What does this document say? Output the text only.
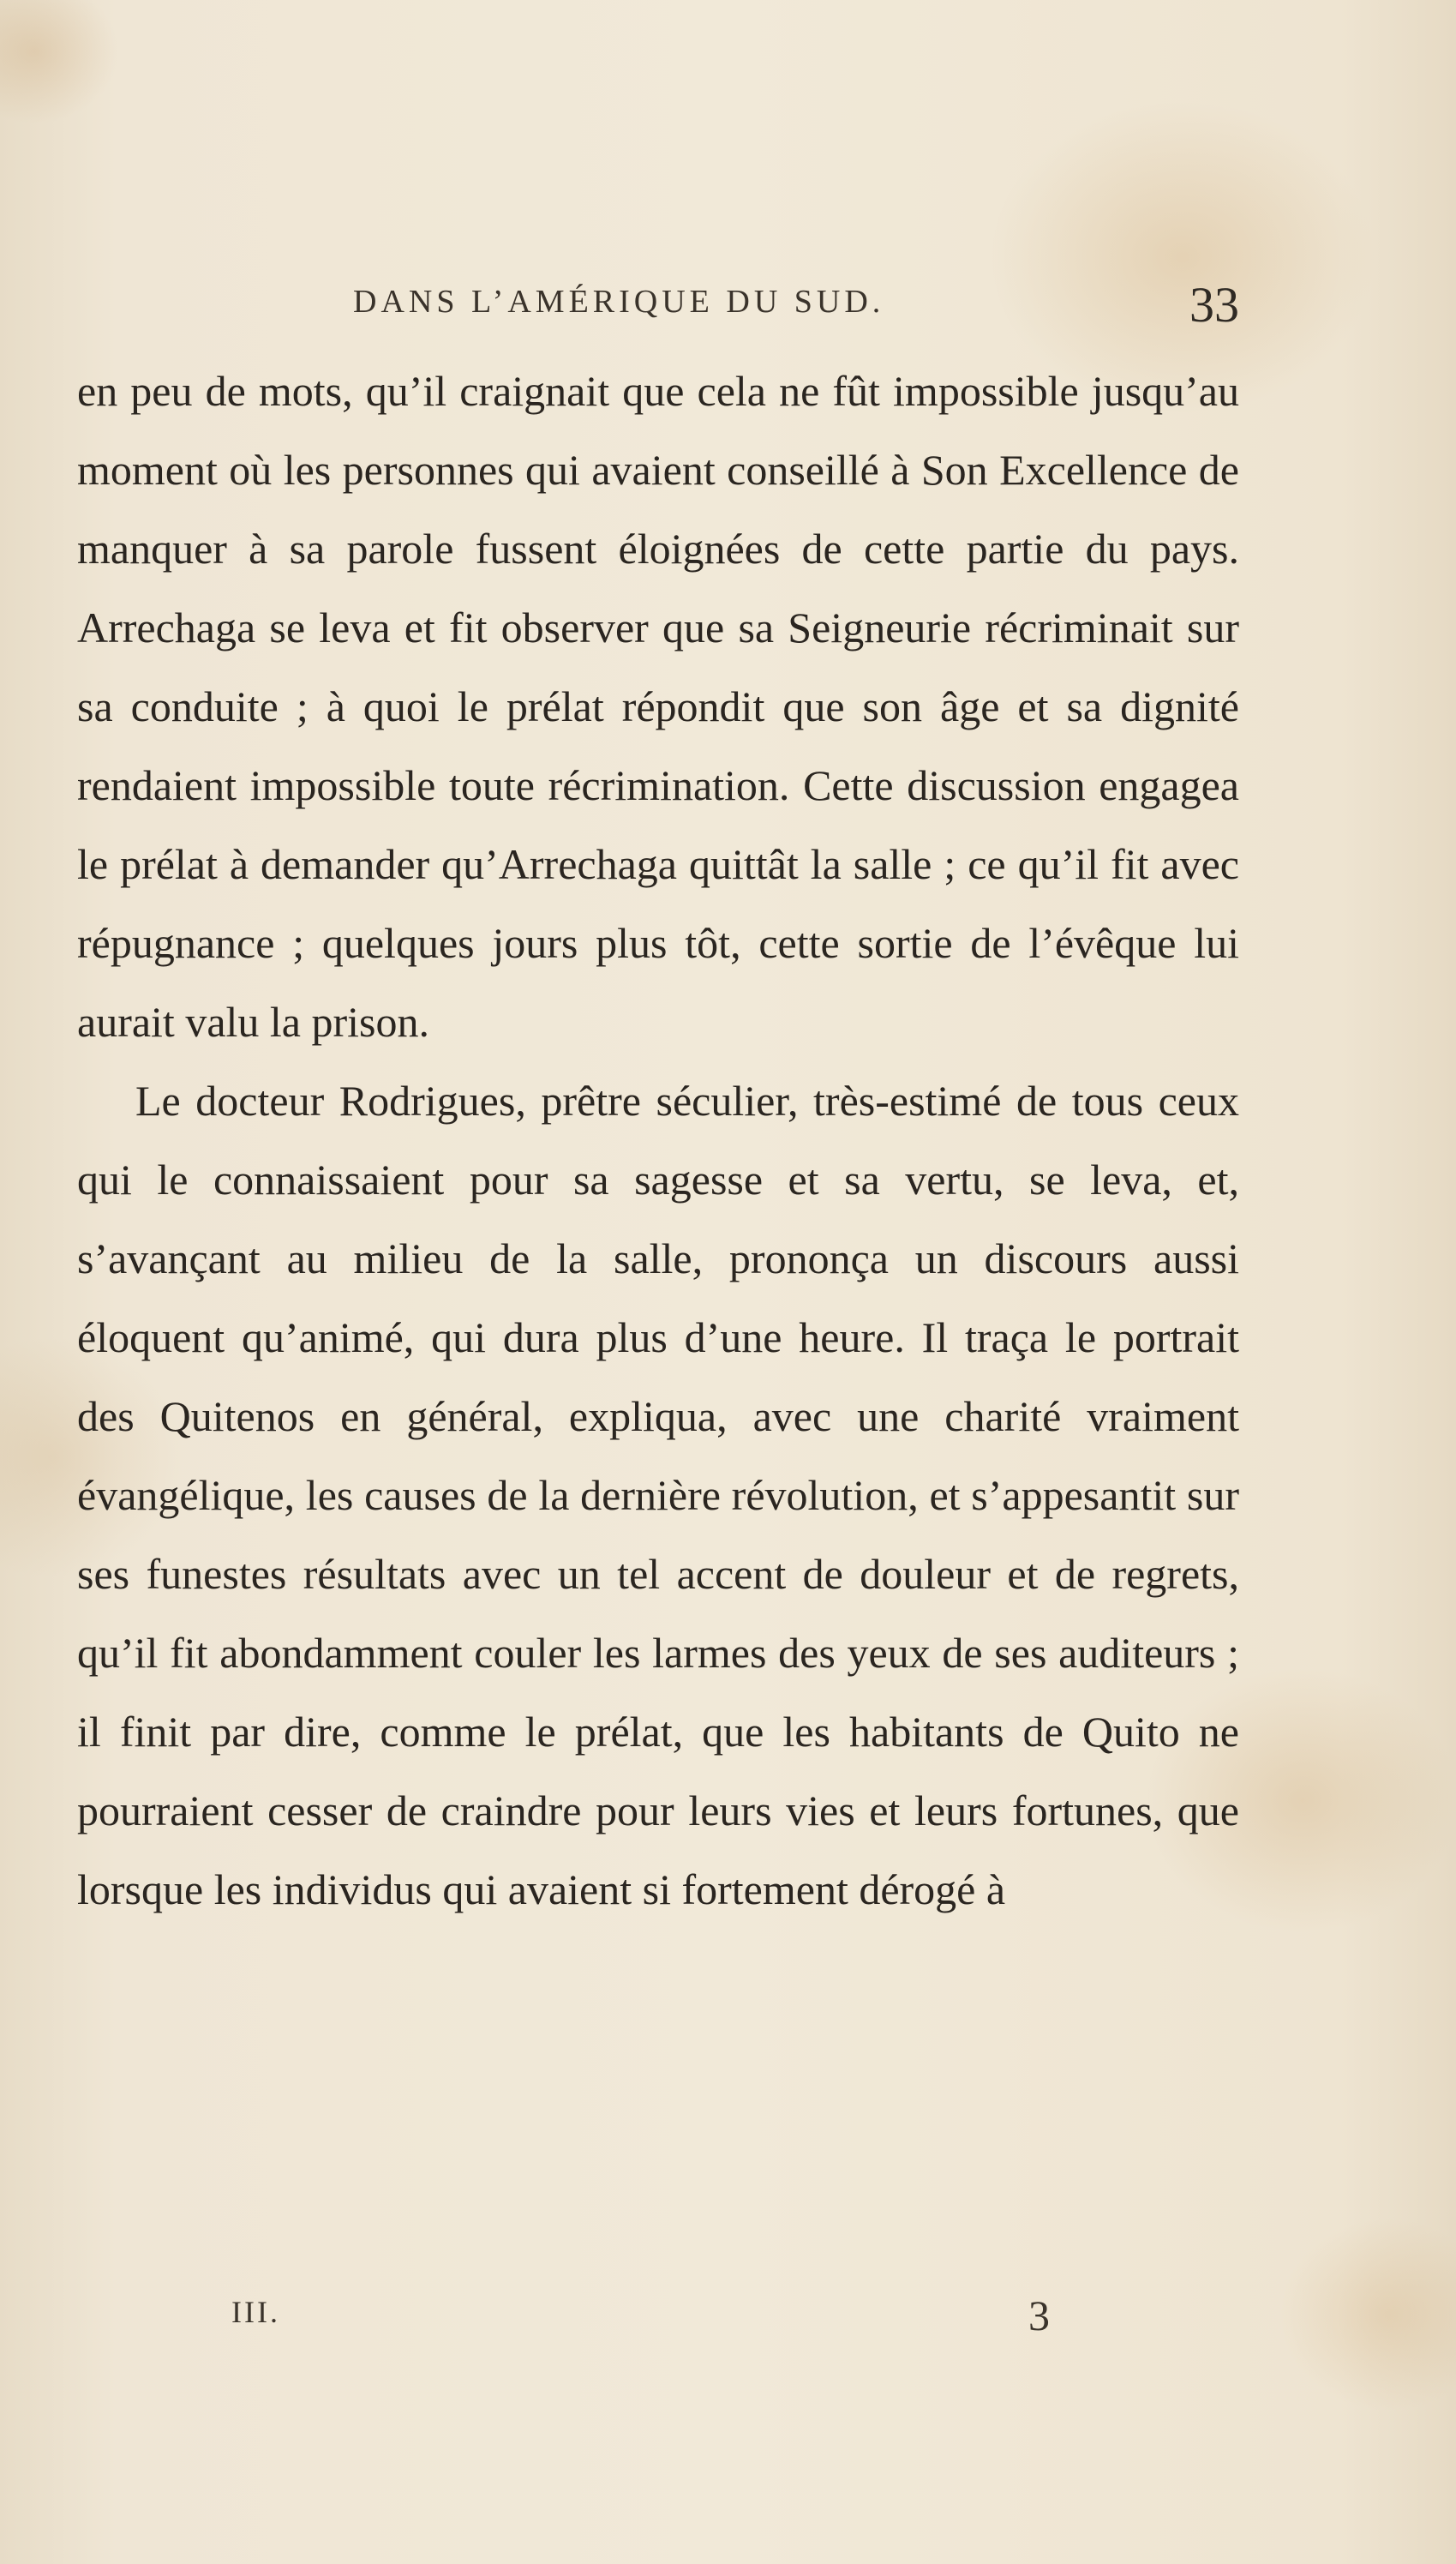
DANS L’AMÉRIQUE DU SUD.	33

en peu de mots, qu’il craignait que cela ne fût impossible jusqu’au moment où les personnes qui avaient conseillé à Son Excellence de manquer à sa parole fussent éloignées de cette partie du pays. Arrechaga se leva et fit observer que sa Seigneurie récriminait sur sa conduite ; à quoi le prélat répondit que son âge et sa dignité rendaient impossible toute récrimination. Cette discussion engagea le prélat à demander qu’Arrechaga quittât la salle ; ce qu’il fit avec répugnance ; quelques jours plus tôt, cette sortie de l’évêque lui aurait valu la prison.

Le docteur Rodrigues, prêtre séculier, très-estimé de tous ceux qui le connaissaient pour sa sagesse et sa vertu, se leva, et, s’avançant au milieu de la salle, prononça un discours aussi éloquent qu’animé, qui dura plus d’une heure. Il traça le portrait des Quitenos en général, expliqua, avec une charité vraiment évangélique, les causes de la dernière révolution, et s’appesantit sur ses funestes résultats avec un tel accent de douleur et de regrets, qu’il fit abondamment couler les larmes des yeux de ses auditeurs ; il finit par dire, comme le prélat, que les habitants de Quito ne pourraient cesser de craindre pour leurs vies et leurs fortunes, que lorsque les individus qui avaient si fortement dérogé à

III.	3
